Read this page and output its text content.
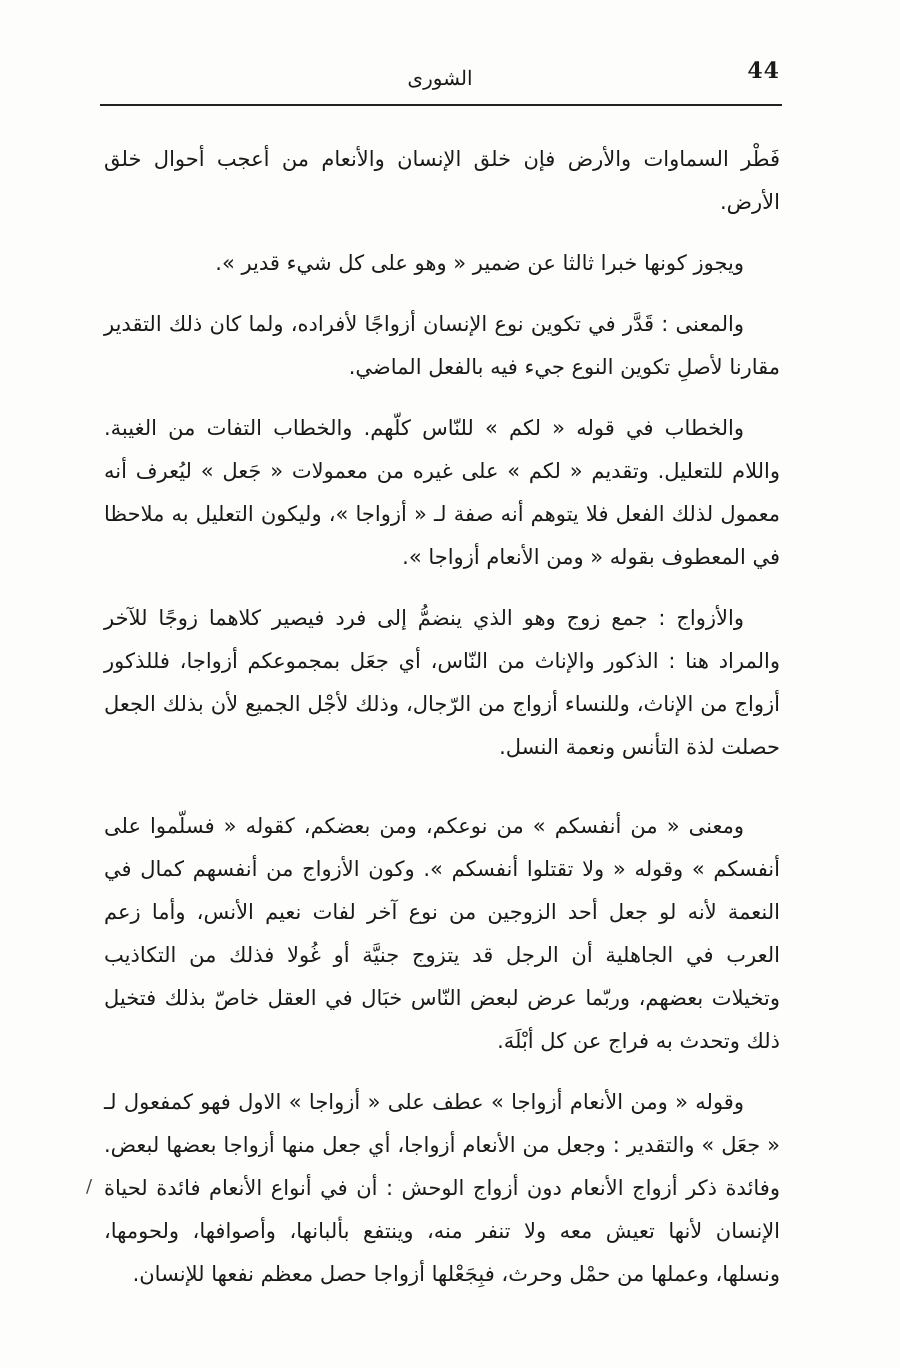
44
الشورى

فَطْر السماوات والأرض فإن خلق الإنسان والأنعام من أعجب أحوال خلق الأرض.

ويجوز كونها خبرا ثالثا عن ضمير « وهو على كل شيء قدير ».

والمعنى : قَدَّر في تكوين نوع الإنسان أزواجًا لأفراده، ولما كان ذلك التقدير مقارنا لأصلِ تكوين النوع جيء فيه بالفعل الماضي.

والخطاب في قوله « لكم » للنّاس كلّهم. والخطاب التفات من الغيبة. واللام للتعليل. وتقديم « لكم » على غيره من معمولات « جَعل » ليُعرف أنه معمول لذلك الفعل فلا يتوهم أنه صفة لـ « أزواجا »، وليكون التعليل به ملاحظا في المعطوف بقوله « ومن الأنعام أزواجا ».

والأزواج : جمع زوج وهو الذي ينضمُّ إلى فرد فيصير كلاهما زوجًا للآخر والمراد هنا : الذكور والإناث من النّاس، أي جعَل بمجموعكم أزواجا، فللذكور أزواج من الإناث، وللنساء أزواج من الرّجال، وذلك لأجْل الجميع لأن بذلك الجعل حصلت لذة التأنس ونعمة النسل.

ومعنى « من أنفسكم » من نوعكم، ومن بعضكم، كقوله « فسلّموا على أنفسكم » وقوله « ولا تقتلوا أنفسكم ». وكون الأزواج من أنفسهم كمال في النعمة لأنه لو جعل أحد الزوجين من نوع آخر لفات نعيم الأنس، وأما زعم العرب في الجاهلية أن الرجل قد يتزوج جنيَّة أو غُولا فذلك من التكاذيب وتخيلات بعضهم، وربّما عرض لبعض النّاس خبَال في العقل خاصّ بذلك فتخيل ذلك وتحدث به فراج عن كل أبْلَهَ.

وقوله « ومن الأنعام أزواجا » عطف على « أزواجا » الاول فهو كمفعول لـ « جعَل » والتقدير : وجعل من الأنعام أزواجا، أي جعل منها أزواجا بعضها لبعض. وفائدة ذكر أزواج الأنعام دون أزواج الوحش : أن في أنواع الأنعام فائدة لحياة الإنسان لأنها تعيش معه ولا تنفر منه، وينتفع بألبانها، وأصوافها، ولحومها، ونسلها، وعملها من حمْل وحرث، فبِجَعْلها أزواجا حصل معظم نفعها للإنسان.

/
